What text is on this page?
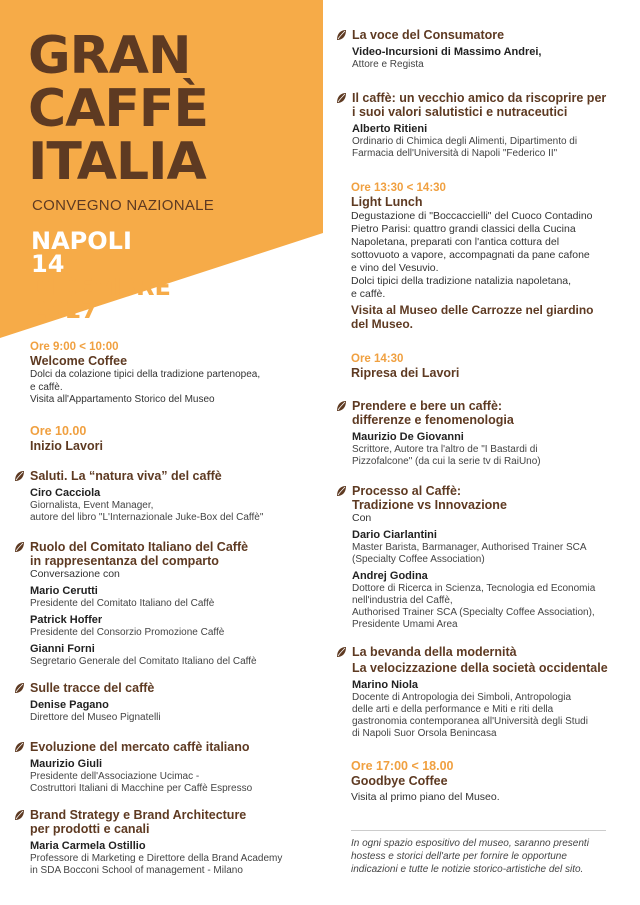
GRAN
CAFFÈ
ITALIA
CONVEGNO NAZIONALE
NAPOLI
14
DICEMBRE
2017
Ore 9:00 < 10:00
Welcome Coffee
Dolci da colazione tipici della tradizione partenopea,
e caffè.
Visita all'Appartamento Storico del Museo
Ore 10.00
Inizio Lavori
Saluti. La “natura viva” del caffè
Ciro Cacciola
Giornalista, Event Manager,
autore del libro "L'Internazionale Juke-Box del Caffè"
Ruolo del Comitato Italiano del Caffè
in rappresentanza del comparto
Conversazione con
Mario Cerutti
Presidente del Comitato Italiano del Caffè
Patrick Hoffer
Presidente del Consorzio Promozione Caffè
Gianni Forni
Segretario Generale del Comitato Italiano del Caffè
Sulle tracce del caffè
Denise Pagano
Direttore del Museo Pignatelli
Evoluzione del mercato caffè italiano
Maurizio Giuli
Presidente dell'Associazione Ucimac -
Costruttori Italiani di Macchine per Caffè Espresso
Brand Strategy e Brand Architecture
per prodotti e canali
Maria Carmela Ostillio
Professore di Marketing e Direttore della Brand Academy
in SDA Bocconi School of management - Milano
La voce del Consumatore
Video-Incursioni di Massimo Andrei,
Attore e Regista
Il caffè: un vecchio amico da riscoprire per
i suoi valori salutistici e nutraceutici
Alberto Ritieni
Ordinario di Chimica degli Alimenti, Dipartimento di
Farmacia dell'Università di Napoli "Federico II"
Ore 13:30 < 14:30
Light Lunch
Degustazione di "Boccaccielli" del Cuoco Contadino
Pietro Parisi: quattro grandi classici della Cucina
Napoletana, preparati con l'antica cottura del
sottovuoto a vapore, accompagnati da pane cafone
e vino del Vesuvio.
Dolci tipici della tradizione natalizia napoletana,
e caffè.
Visita al Museo delle Carrozze nel giardino
del Museo.
Ore 14:30
Ripresa dei Lavori
Prendere e bere un caffè:
differenze e fenomenologia
Maurizio De Giovanni
Scrittore, Autore tra l'altro de "I Bastardi di
Pizzofalcone" (da cui la serie tv di RaiUno)
Processo al Caffè:
Tradizione vs Innovazione
Con
Dario Ciarlantini
Master Barista, Barmanager, Authorised Trainer SCA
(Specialty Coffee Association)
Andrej Godina
Dottore di Ricerca in Scienza, Tecnologia ed Economia
nell'industria del Caffè,
Authorised Trainer SCA (Specialty Coffee Association),
Presidente Umami Area
La bevanda della modernità
La velocizzazione della società occidentale
Marino Niola
Docente di Antropologia dei Simboli, Antropologia
delle arti e della performance e Miti e riti della
gastronomia contemporanea all'Università degli Studi
di Napoli Suor Orsola Benincasa
Ore 17:00 < 18.00
Goodbye Coffee
Visita al primo piano del Museo.
In ogni spazio espositivo del museo, saranno presenti
hostess e storici dell'arte per fornire le opportune
indicazioni e tutte le notizie storico-artistiche del sito.
